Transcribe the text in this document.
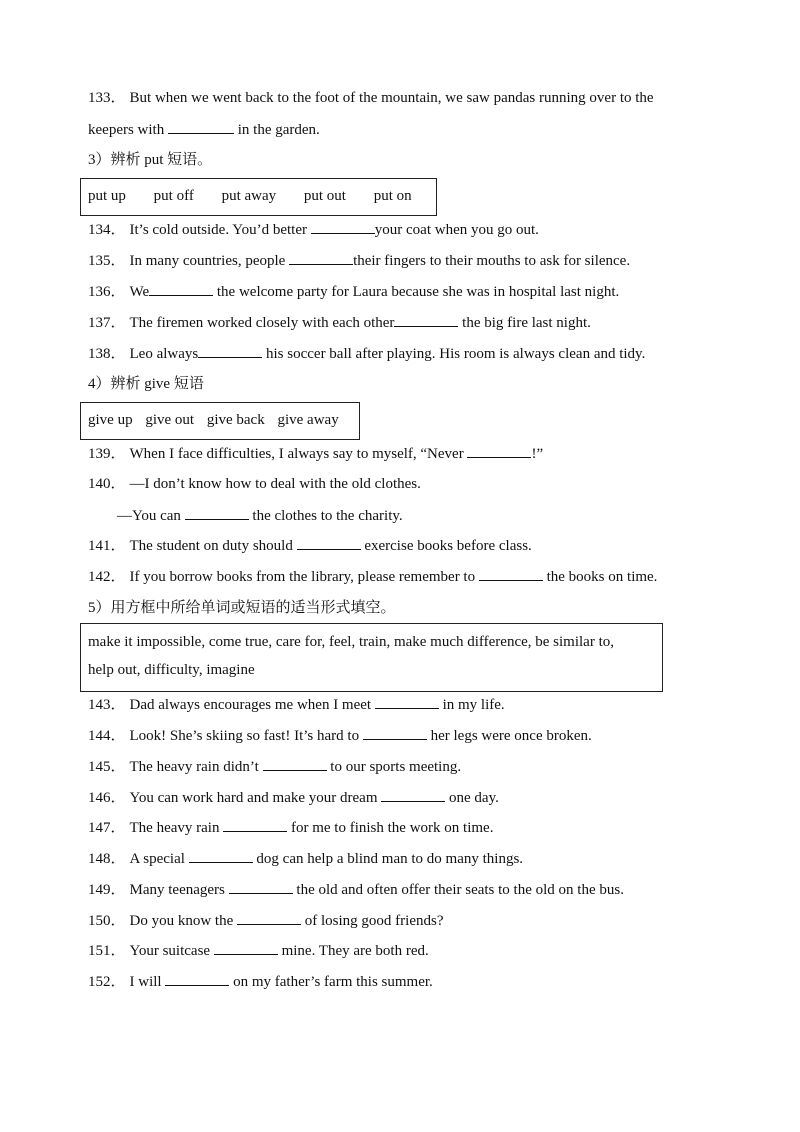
133． But when we went back to the foot of the mountain, we saw pandas running over to the
keepers with	in the garden.
3）辨析 put 短语。
put up put off put away put out put on
134． It’s cold outside. You’d better	your coat when you go out.
135． In many countries, people	their fingers to their mouths to ask for silence.
136． We	the welcome party for Laura because she was in hospital last night.
137． The firemen worked closely with each other	the big fire last night.
138． Leo always	his soccer ball after playing. His room is always clean and tidy.
4）辨析 give 短语
give up give out give back give away
139． When I face difficulties, I always say to myself, “Never	!”
140． —I don’t know how to deal with the old clothes.
—You can	the clothes to the charity.
141． The student on duty should	exercise books before class.
142． If you borrow books from the library, please remember to	the books on time.
5）用方框中所给单词或短语的适当形式填空。
make it impossible, come true, care for, feel, train, make much difference, be similar to,
help out, difficulty, imagine
143． Dad always encourages me when I meet	in my life.
144． Look! She’s skiing so fast! It’s hard to	her legs were once broken.
145． The heavy rain didn’t	to our sports meeting.
146． You can work hard and make your dream	one day.
147． The heavy rain	for me to finish the work on time.
148． A special	dog can help a blind man to do many things.
149． Many teenagers	the old and often offer their seats to the old on the bus.
150． Do you know the	of losing good friends?
151． Your suitcase	mine. They are both red.
152． I will	on my father’s farm this summer.
